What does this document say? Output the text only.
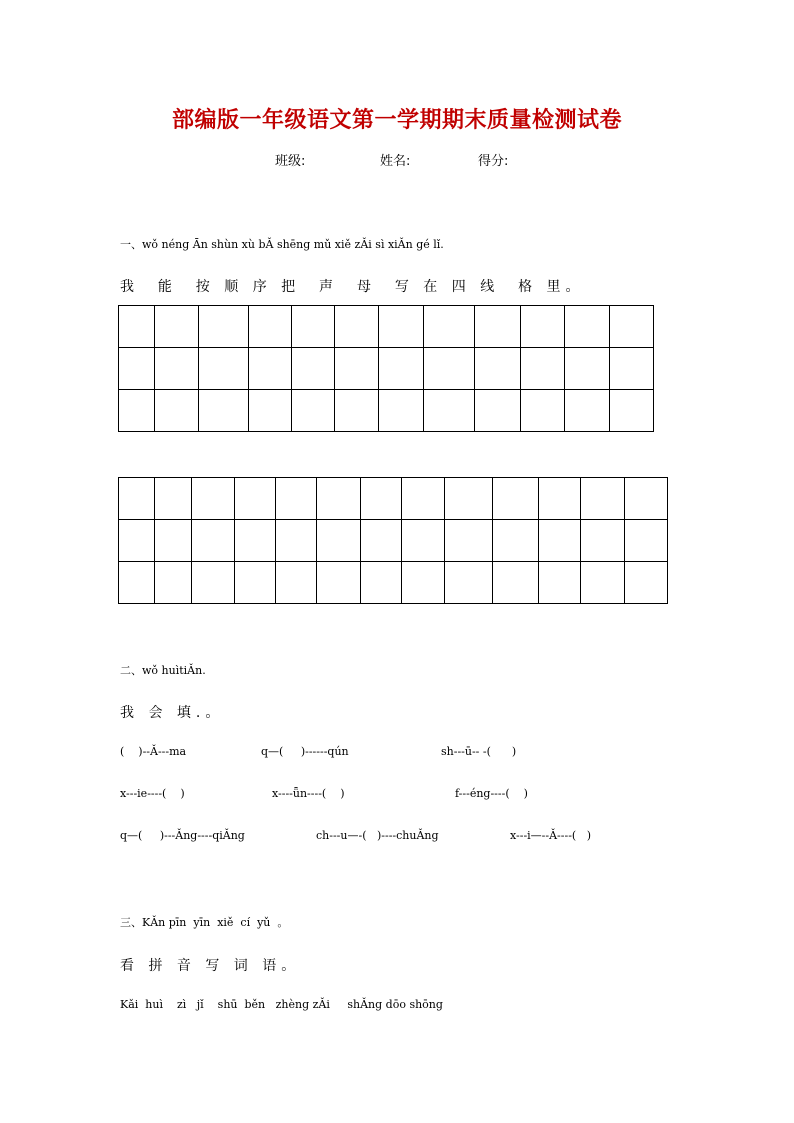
部编版一年级语文第一学期期末质量检测试卷
班级:	姓名:	得分:
一、wǒ néng Ān shùn xù bǍ shēng mǔ xiě zǍi sì xiǍn gé lǐ.
我  能  按 顺 序 把  声  母  写 在 四 线  格 里。

二、wǒ huìtiǍn.
我 会 填.。
(    )--Ǎ---ma	q—(     )------qún	sh---ū-- -(      )
x---ie----(    )	x----ǖn----(    )	f---éng----(    )
q—(     )---Ǎng----qiǍng	ch---u—-(   )----chuǍng	x---i—--Ǎ----(   )
三、KǍn pīn  yīn  xiě  cí  yǔ  。
看 拼 音 写 词 语。
Kǎi  huì    zì   jǐ    shū  běn   zhèng zǍi     shǍng dōo shōng
